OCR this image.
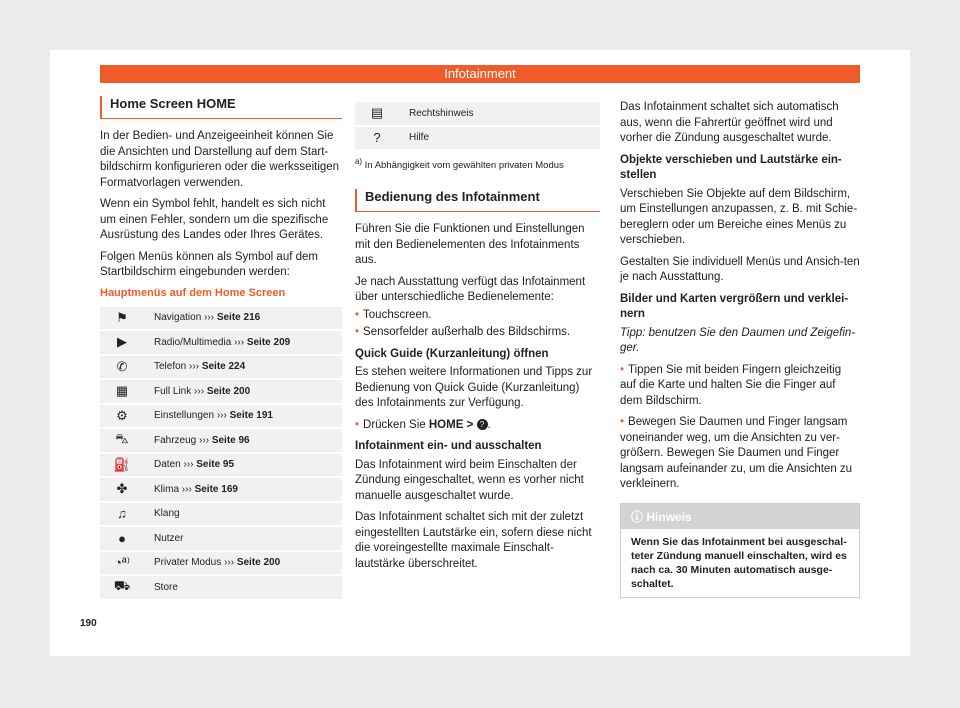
Infotainment
Home Screen HOME

In der Bedien- und Anzeigeeinheit können Sie die Ansichten und Darstellung auf dem Start-bildschirm konfigurieren oder die werksseitigen Formatvorlagen verwenden.

Wenn ein Symbol fehlt, handelt es sich nicht um einen Fehler, sondern um die spezifische Ausrüstung des Landes oder Ihres Gerätes.

Folgen Menüs können als Symbol auf dem Startbildschirm eingebunden werden:

Hauptmenüs auf dem Home Screen
⚑	Navigation ››› Seite 216
▶	Radio/Multimedia ››› Seite 209
✆	Telefon ››› Seite 224
▦	Full Link ››› Seite 200
⚙	Einstellungen ››› Seite 191
⛍	Fahrzeug ››› Seite 96
⛽	Daten ››› Seite 95
✤	Klima ››› Seite 169
♫	Klang
●	Nutzer
◔ª⁾	Privater Modus ››› Seite 200
⛟	Store
▤	Rechtshinweis
?	Hilfe
$^{a)}$ In Abhängigkeit vom gewählten privaten Modus
Bedienung des Infotainment

Führen Sie die Funktionen und Einstellungen mit den Bedienelementen des Infotainments aus.

Je nach Ausstattung verfügt das Infotainment über unterschiedliche Bedienelemente:

• Touchscreen.
• Sensorfelder außerhalb des Bildschirms.
Quick Guide (Kurzanleitung) öffnen

Es stehen weitere Informationen und Tipps zur Bedienung von Quick Guide (Kurzanleitung) des Infotainments zur Verfügung.

• Drücken Sie HOME > ? .
Infotainment ein- und ausschalten

Das Infotainment wird beim Einschalten der Zündung eingeschaltet, wenn es vorher nicht manuelle ausgeschaltet wurde.

Das Infotainment schaltet sich mit der zuletzt eingestellten Lautstärke ein, sofern diese nicht die voreingestellte maximale Einschalt-lautstärke überschreitet.

Das Infotainment schaltet sich automatisch aus, wenn die Fahrertür geöffnet wird und vorher die Zündung ausgeschaltet wurde.

Objekte verschieben und Lautstärke ein-stellen

Verschieben Sie Objekte auf dem Bildschirm, um Einstellungen anzupassen, z. B. mit Schie-bereglern oder um Bereiche eines Menüs zu verschieben.

Gestalten Sie individuell Menüs und Ansich-ten je nach Ausstattung.

Bilder und Karten vergrößern und verklei-nern

Tipp: benutzen Sie den Daumen und Zeigefin-ger.

• Tippen Sie mit beiden Fingern gleichzeitig auf die Karte und halten Sie die Finger auf dem Bildschirm.
• Bewegen Sie Daumen und Finger langsam voneinander weg, um die Ansichten zu ver-größern. Bewegen Sie Daumen und Finger langsam aufeinander zu, um die Ansichten zu verkleinern.
ⓘ Hinweis
Wenn Sie das Infotainment bei ausgeschal-teter Zündung manuell einschalten, wird es nach ca. 30 Minuten automatisch ausge-schaltet.
190
